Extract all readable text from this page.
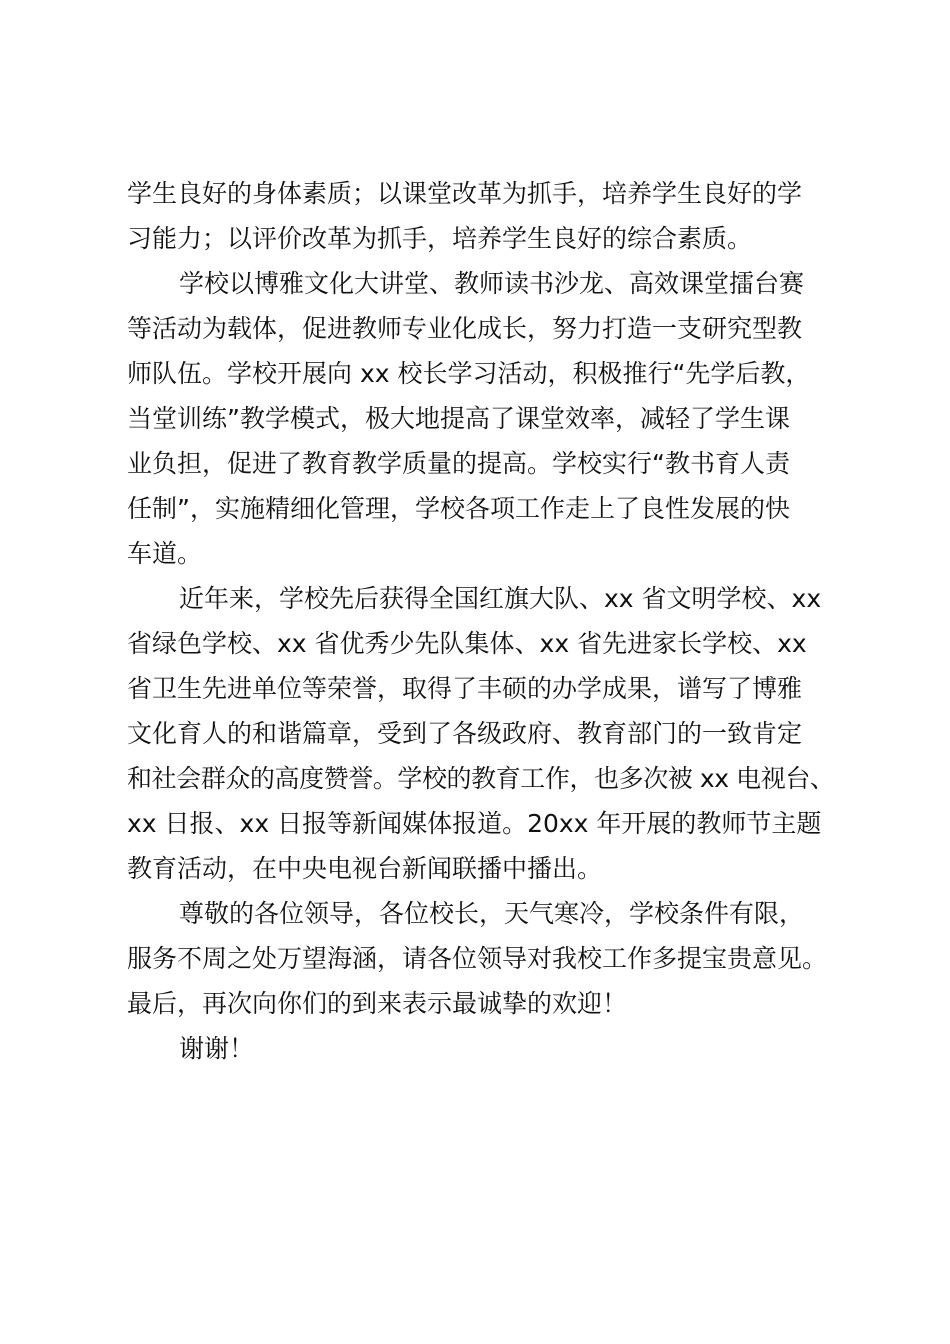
学生良好的身体素质；以课堂改革为抓手，培养学生良好的学
习能力；以评价改革为抓手，培养学生良好的综合素质。
学校以博雅文化大讲堂、教师读书沙龙、高效课堂擂台赛
等活动为载体，促进教师专业化成长，努力打造一支研究型教
师队伍。学校开展向 xx 校长学习活动，积极推行“先学后教，
当堂训练”教学模式，极大地提高了课堂效率，减轻了学生课
业负担，促进了教育教学质量的提高。学校实行“教书育人责
任制”，实施精细化管理，学校各项工作走上了良性发展的快
车道。
近年来，学校先后获得全国红旗大队、xx 省文明学校、xx
省绿色学校、xx 省优秀少先队集体、xx 省先进家长学校、xx
省卫生先进单位等荣誉，取得了丰硕的办学成果，谱写了博雅
文化育人的和谐篇章，受到了各级政府、教育部门的一致肯定
和社会群众的高度赞誉。学校的教育工作，也多次被 xx 电视台、
xx 日报、xx 日报等新闻媒体报道。20xx 年开展的教师节主题
教育活动，在中央电视台新闻联播中播出。
尊敬的各位领导，各位校长，天气寒冷，学校条件有限，
服务不周之处万望海涵，请各位领导对我校工作多提宝贵意见。
最后，再次向你们的到来表示最诚挚的欢迎！
谢谢！
